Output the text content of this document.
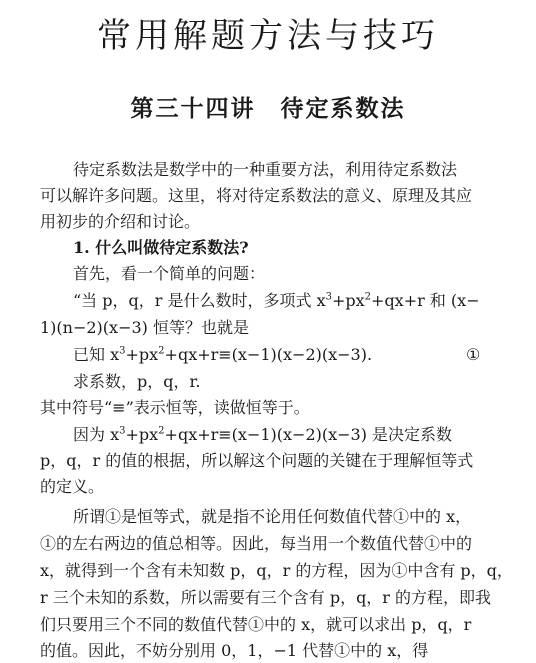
常用解题方法与技巧
第三十四讲　待定系数法
待定系数法是数学中的一种重要方法，利用待定系数法
可以解许多问题。这里，将对待定系数法的意义、原理及其应
用初步的介绍和讨论。
1. 什么叫做待定系数法?
首先，看一个简单的问题：
“当 p，q，r 是什么数时，多项式 $x^3+px^2+qx+r$ 和 (x−
1)(n−2)(x−3) 恒等？也就是
已知 $x^3+px^2+qx+r\equiv(x-1)(x-2)(x-3)$.	①
求系数，p，q，r.
其中符号“≡”表示恒等，读做恒等于。
因为 $x^3+px^2+qx+r\equiv(x-1)(x-2)(x-3)$ 是决定系数
p，q，r 的值的根据，所以解这个问题的关键在于理解恒等式
的定义。
所谓①是恒等式，就是指不论用任何数值代替①中的 x，
①的左右两边的值总相等。因此，每当用一个数值代替①中的
x，就得到一个含有未知数 p，q，r 的方程，因为①中含有 p，q，
r 三个未知的系数，所以需要有三个含有 p，q，r 的方程，即我
们只要用三个不同的数值代替①中的 x，就可以求出 p，q，r
的值。因此，不妨分别用 0，1，−1 代替①中的 x，得
